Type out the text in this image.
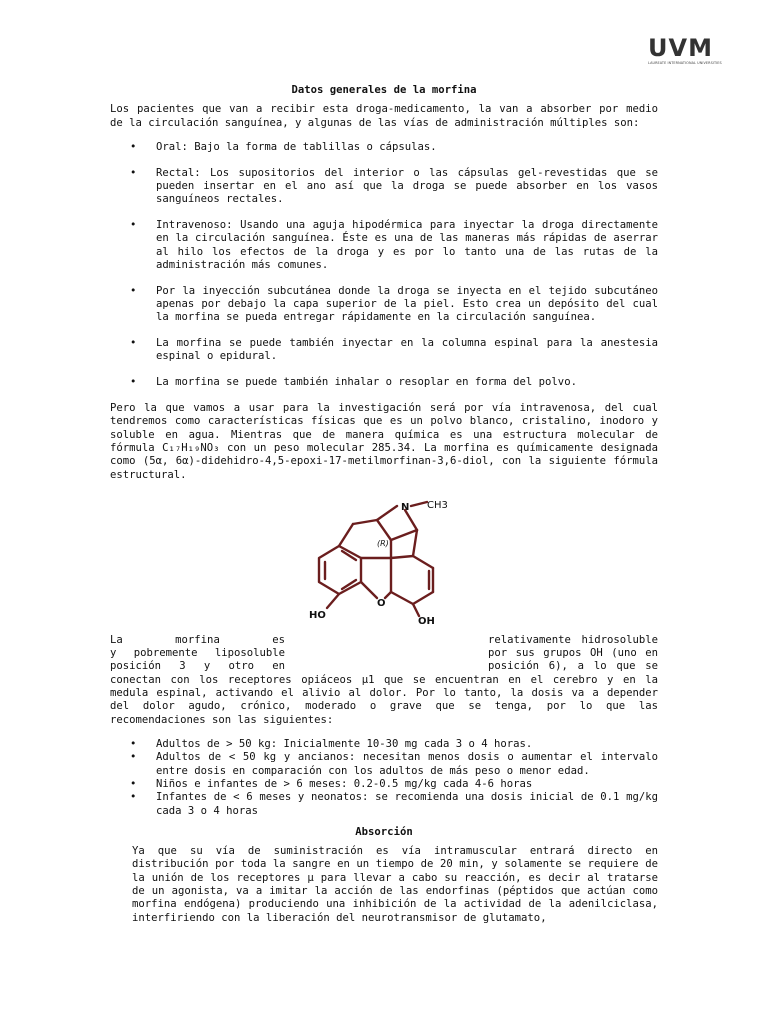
UVM
LAUREATE INTERNATIONAL UNIVERSITIES
Datos generales de la morfina

Los pacientes que van a recibir esta droga-medicamento, la van a absorber por medio de la circulación sanguínea, y algunas de las vías de administración múltiples son:

• Oral: Bajo la forma de tablillas o cápsulas.
• Rectal: Los supositorios del interior o las cápsulas gel-revestidas que se pueden insertar en el ano así que la droga se puede absorber en los vasos sanguíneos rectales.
• Intravenoso: Usando una aguja hipodérmica para inyectar la droga directamente en la circulación sanguínea. Éste es una de las maneras más rápidas de aserrar al hilo los efectos de la droga y es por lo tanto una de las rutas de la administración más comunes.
• Por la inyección subcutánea donde la droga se inyecta en el tejido subcutáneo apenas por debajo la capa superior de la piel. Esto crea un depósito del cual la morfina se pueda entregar rápidamente en la circulación sanguínea.
• La morfina se puede también inyectar en la columna espinal para la anestesia espinal o epidural.
• La morfina se puede también inhalar o resoplar en forma del polvo.

Pero la que vamos a usar para la investigación será por vía intravenosa, del cual tendremos como características físicas que es un polvo blanco, cristalino, inodoro y soluble en agua. Mientras que de manera química es una estructura molecular de fórmula C₁₇H₁₉NO₃ con un peso molecular 285.34. La morfina es químicamente designada como (5α, 6α)-didehidro-4,5-epoxi-17-metilmorfinan-3,6-diol, con la siguiente fórmula estructural.

N CH3
(R)
HO
OH
O
La	morfina	es
y pobremente liposoluble
posición 3 y otro en
relativamente hidrosoluble
por sus grupos OH (uno en
posición 6), a lo que se

conectan con los receptores opiáceos µ1 que se encuentran en el cerebro y en la medula espinal, activando el alivio al dolor. Por lo tanto, la dosis va a depender del dolor agudo, crónico, moderado o grave que se tenga, por lo que las recomendaciones son las siguientes:

• Adultos de > 50 kg: Inicialmente 10-30 mg cada 3 o 4 horas.
• Adultos de < 50 kg y ancianos: necesitan menos dosis o aumentar el intervalo entre dosis en comparación con los adultos de más peso o menor edad.
• Niños e infantes de > 6 meses: 0.2-0.5 mg/kg cada 4-6 horas
• Infantes de < 6 meses y neonatos: se recomienda una dosis inicial de 0.1 mg/kg cada 3 o 4 horas
Absorción

Ya que su vía de suministración es vía intramuscular entrará directo en distribución por toda la sangre en un tiempo de 20 min, y solamente se requiere de la unión de los receptores µ para llevar a cabo su reacción, es decir al tratarse de un agonista, va a imitar la acción de las endorfinas (péptidos que actúan como morfina endógena) produciendo una inhibición de la actividad de la adenilciclasa, interfiriendo con la liberación del neurotransmisor de glutamato,
